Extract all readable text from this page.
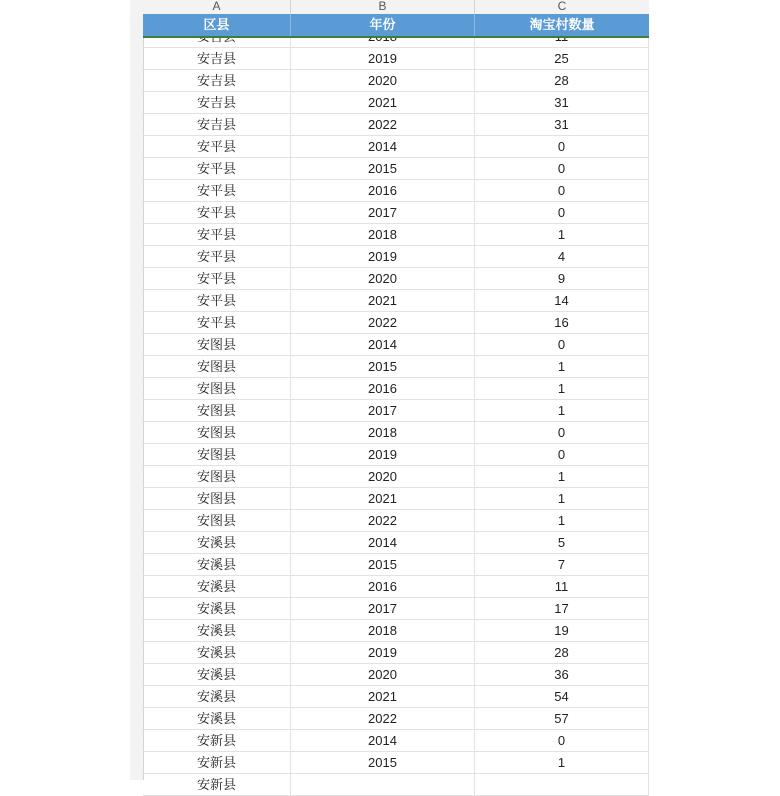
A	B	C
区县	年份	淘宝村数量
安吉县	2019	25
安吉县	2020	28
安吉县	2021	31
安吉县	2022	31
安平县	2014	0
安平县	2015	0
安平县	2016	0
安平县	2017	0
安平县	2018	1
安平县	2019	4
安平县	2020	9
安平县	2021	14
安平县	2022	16
安图县	2014	0
安图县	2015	1
安图县	2016	1
安图县	2017	1
安图县	2018	0
安图县	2019	0
安图县	2020	1
安图县	2021	1
安图县	2022	1
安溪县	2014	5
安溪县	2015	7
安溪县	2016	11
安溪县	2017	17
安溪县	2018	19
安溪县	2019	28
安溪县	2020	36
安溪县	2021	54
安溪县	2022	57
安新县	2014	0
安新县	2015	1
安新县
